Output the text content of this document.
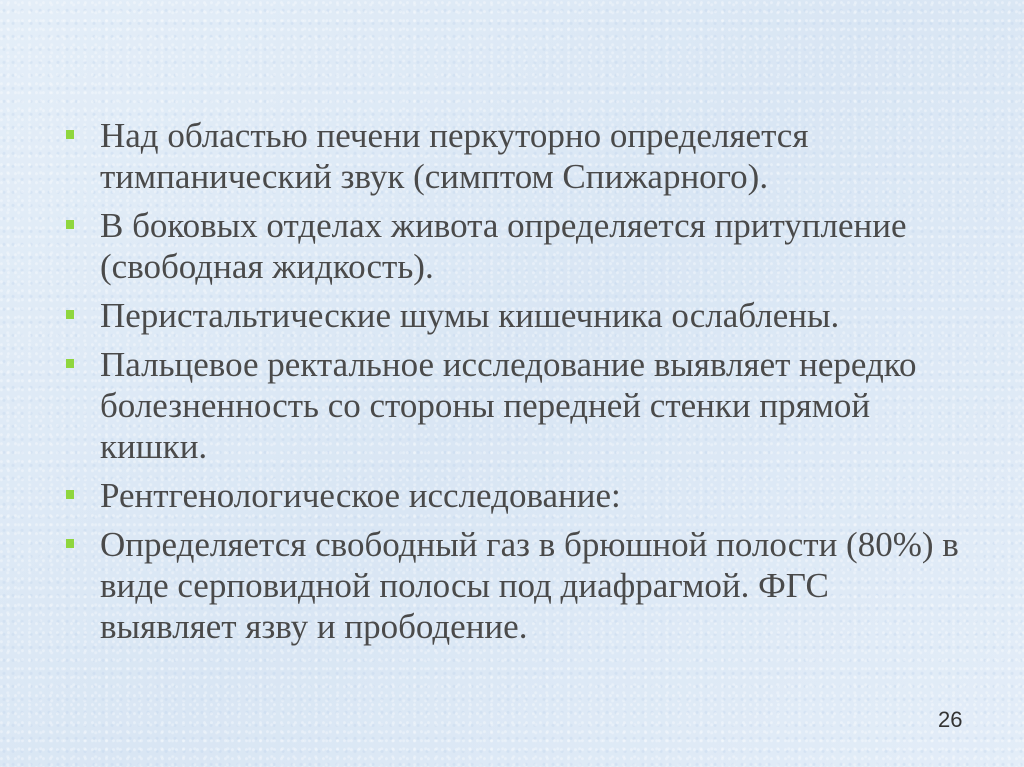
Над областью печени перкуторно определяется тимпанический звук (симптом Спижарного).
В боковых отделах живота определяется притупление (свободная жидкость).
Перистальтические шумы кишечника ослаблены.
Пальцевое ректальное исследование выявляет нередко болезненность со стороны передней стенки прямой кишки.
Рентгенологическое исследование:
Определяется свободный газ в брюшной полости (80%) в виде серповидной полосы под диафрагмой. ФГС выявляет язву и прободение.
26
